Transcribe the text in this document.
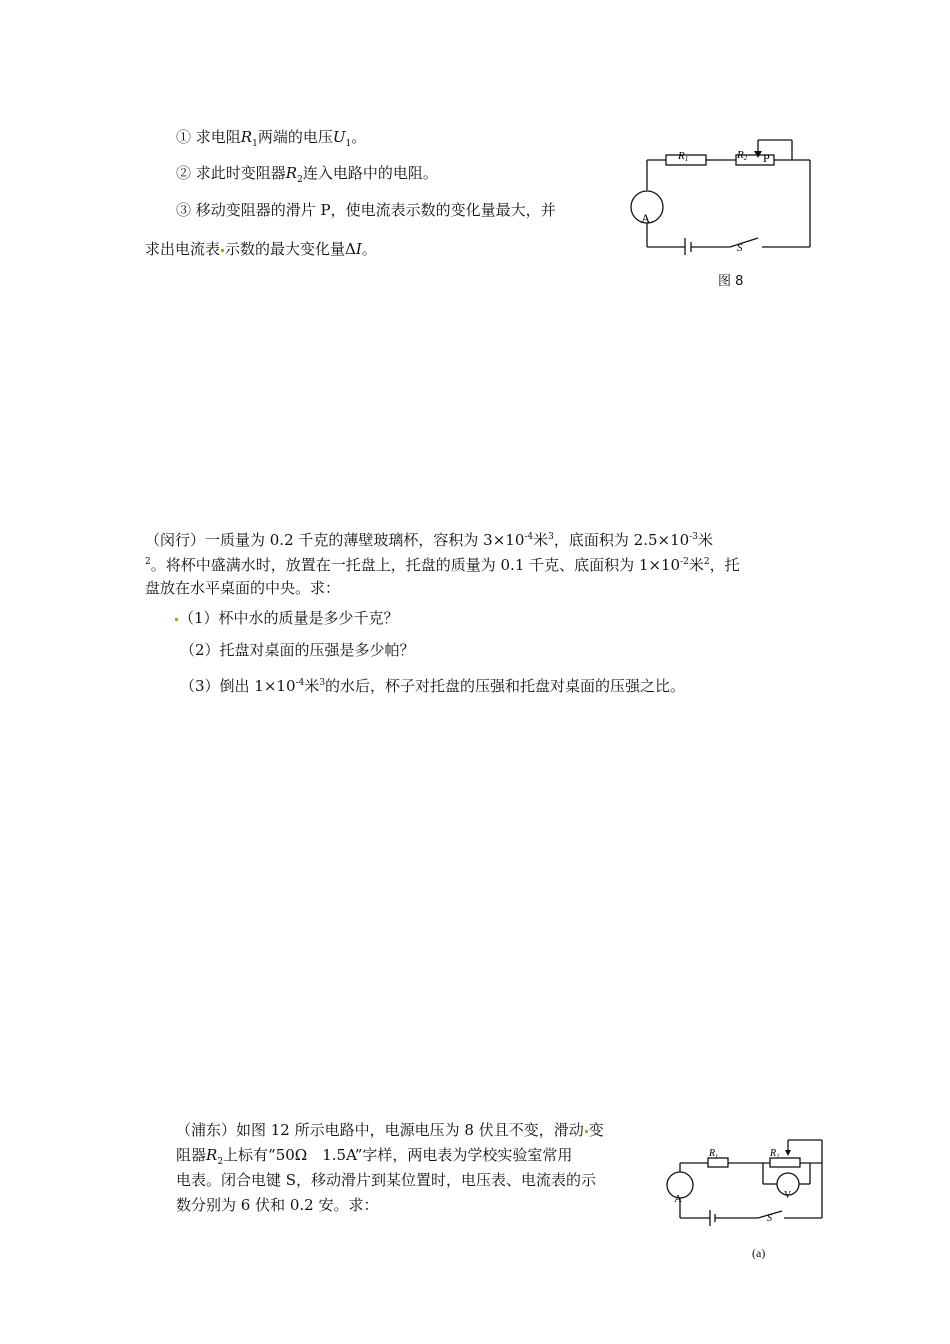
① 求电阻$R_1$两端的电压$U_1$。
② 求此时变阻器$R_2$连入电路中的电阻。
③ 移动变阻器的滑片 P，使电流表示数的变化量最大，并
求出电流表 示数的最大变化量ΔI。
R1	R2 P
A
S
图 8
（闵行）一质量为 0.2 千克的薄壁玻璃杯，容积为 $3\times 10^{-4}$米$^3$，底面积为 $2.5\times 10^{-3}$米
$^2$。将杯中盛满水时，放置在一托盘上，托盘的质量为 0.1 千克、底面积为 $1\times 10^{-2}$米$^2$，托
盘放在水平桌面的中央。求：
（1）杯中水的质量是多少千克？
（2）托盘对桌面的压强是多少帕？
（3）倒出 $1\times 10^{-4}$米$^3$的水后，杯子对托盘的压强和托盘对桌面的压强之比。
（浦东）如图 12 所示电路中，电源电压为 8 伏且不变，滑动 变
阻器$R_2$上标有“50Ω　1.5A”字样，两电表为学校实验室常用
电表。闭合电键 S，移动滑片到某位置时，电压表、电流表的示
数分别为 6 伏和 0.2 安。求：
$R_1$	$R_2$
A	V
S
(a)
